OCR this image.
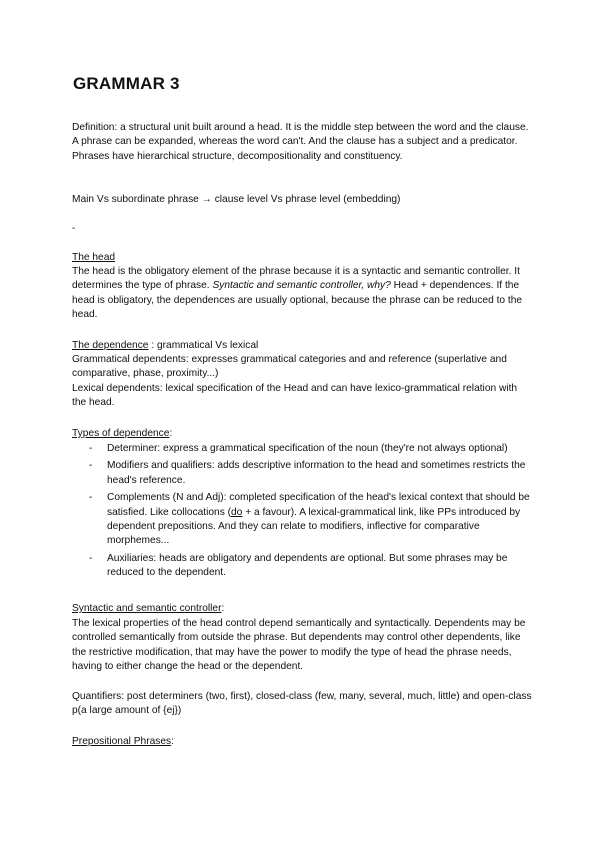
GRAMMAR 3

Definition: a structural unit built around a head. It is the middle step between the word and the clause. A phrase can be expanded, whereas the word can't. And the clause has a subject and a predicator. Phrases have hierarchical structure, decompositionality and constituency.

Main Vs subordinate phrase → clause level Vs phrase level (embedding)

-

The head

The head is the obligatory element of the phrase because it is a syntactic and semantic controller. It determines the type of phrase. Syntactic and semantic controller, why? Head + dependences. If the head is obligatory, the dependences are usually optional, because the phrase can be reduced to the head.

The dependence : grammatical Vs lexical

Grammatical dependents: expresses grammatical categories and and reference (superlative and comparative, phase, proximity...)

Lexical dependents: lexical specification of the Head and can have lexico-grammatical relation with the head.

Types of dependence:

- Determiner: express a grammatical specification of the noun (they're not always optional)
- Modifiers and qualifiers: adds descriptive information to the head and sometimes restricts the head's reference.
- Complements (N and Adj): completed specification of the head's lexical context that should be satisfied. Like collocations (do + a favour). A lexical-grammatical link, like PPs introduced by dependent prepositions. And they can relate to modifiers, inflective for comparative morphemes...
- Auxiliaries: heads are obligatory and dependents are optional. But some phrases may be reduced to the dependent.

Syntactic and semantic controller:

The lexical properties of the head control depend semantically and syntactically. Dependents may be controlled semantically from outside the phrase. But dependents may control other dependents, like the restrictive modification, that may have the power to modify the type of head the phrase needs, having to either change the head or the dependent.

Quantifiers: post determiners (two, first), closed-class (few, many, several, much, little) and open-class p(a large amount of {ej})

Prepositional Phrases:
